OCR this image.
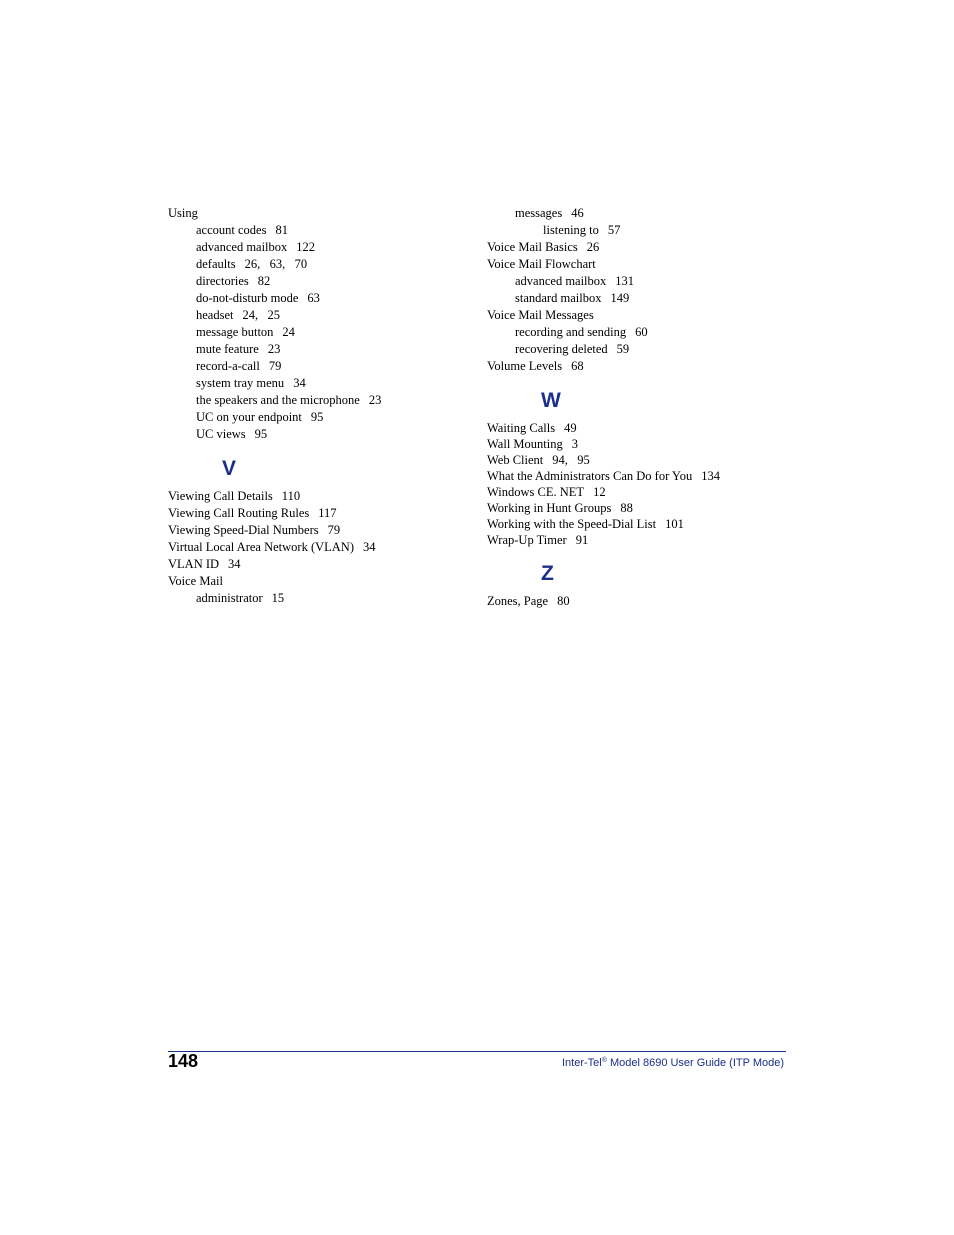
Using
account codes 81
advanced mailbox 122
defaults 26,   63,   70
directories 82
do-not-disturb mode 63
headset 24,   25
message button 24
mute feature 23
record-a-call 79
system tray menu 34
the speakers and the microphone 23
UC on your endpoint 95
UC views 95
V
Viewing Call Details 110
Viewing Call Routing Rules 117
Viewing Speed-Dial Numbers 79
Virtual Local Area Network (VLAN) 34
VLAN ID 34
Voice Mail
administrator 15
messages 46
listening to 57
Voice Mail Basics 26
Voice Mail Flowchart
advanced mailbox 131
standard mailbox 149
Voice Mail Messages
recording and sending 60
recovering deleted 59
Volume Levels 68
W
Waiting Calls 49
Wall Mounting 3
Web Client 94,   95
What the Administrators Can Do for You 134
Windows CE. NET 12
Working in Hunt Groups 88
Working with the Speed-Dial List 101
Wrap-Up Timer 91
Z
Zones, Page 80
148	Inter-Tel® Model 8690 User Guide (ITP Mode)
